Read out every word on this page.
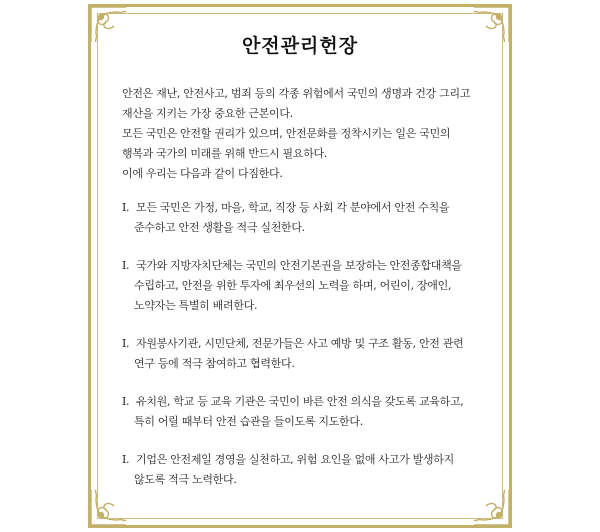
안전관리헌장
안전은 재난, 안전사고, 범죄 등의 각종 위험에서 국민의 생명과 건강 그리고
재산을 지키는 가장 중요한 근본이다.
모든 국민은 안전할 권리가 있으며, 안전문화를 정착시키는 일은 국민의
행복과 국가의 미래를 위해 반드시 필요하다.
이에 우리는 다음과 같이 다짐한다.
Ⅰ. 모든 국민은 가정, 마을, 학교, 직장 등 사회 각 분야에서 안전 수칙을
준수하고 안전 생활을 적극 실천한다.
Ⅰ. 국가와 지방자치단체는 국민의 안전기본권을 보장하는 안전종합대책을
수립하고, 안전을 위한 투자에 최우선의 노력을 하며, 어린이, 장애인,
노약자는 특별히 배려한다.
Ⅰ. 자원봉사기관, 시민단체, 전문가들은 사고 예방 및 구조 활동, 안전 관련
연구 등에 적극 참여하고 협력한다.
Ⅰ. 유치원, 학교 등 교육 기관은 국민이 바른 안전 의식을 갖도록 교육하고,
특히 어릴 때부터 안전 습관을 들이도록 지도한다.
Ⅰ. 기업은 안전제일 경영을 실천하고, 위험 요인을 없애 사고가 발생하지
않도록 적극 노력한다.
